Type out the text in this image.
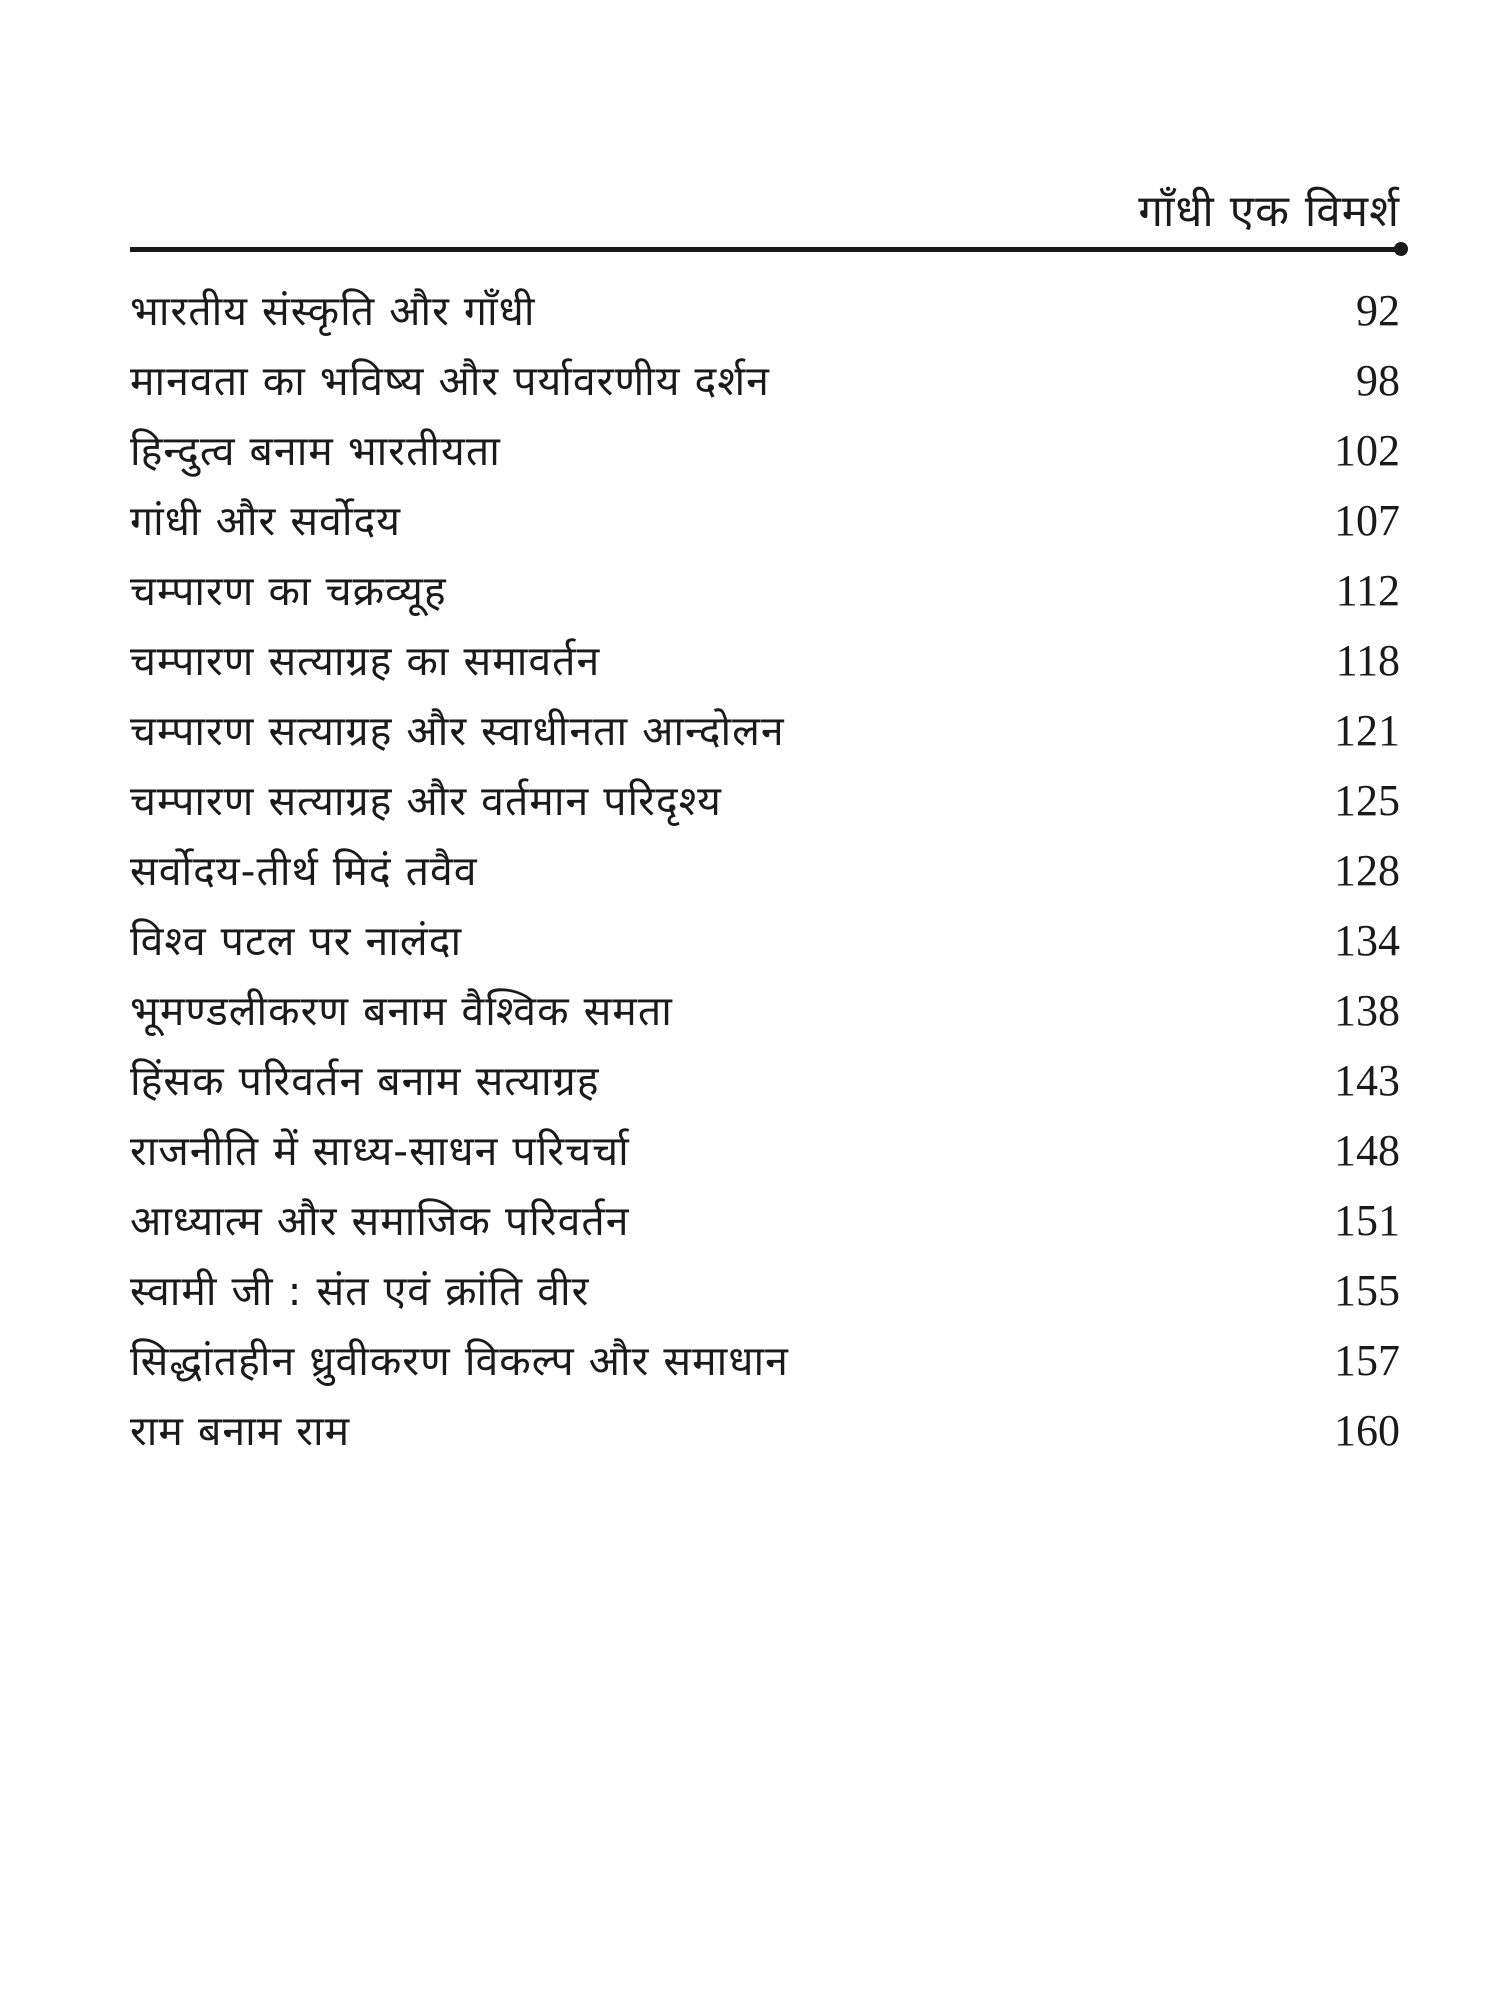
गाँधी एक विमर्श
भारतीय संस्कृति और गाँधी	92
मानवता का भविष्य और पर्यावरणीय दर्शन	98
हिन्दुत्व बनाम भारतीयता	102
गांधी और सर्वोदय	107
चम्पारण का चक्रव्यूह	112
चम्पारण सत्याग्रह का समावर्तन	118
चम्पारण सत्याग्रह और स्वाधीनता आन्दोलन	121
चम्पारण सत्याग्रह और वर्तमान परिदृश्य	125
सर्वोदय-तीर्थ मिदं तवैव	128
विश्व पटल पर नालंदा	134
भूमण्डलीकरण बनाम वैश्विक समता	138
हिंसक परिवर्तन बनाम सत्याग्रह	143
राजनीति में साध्य-साधन परिचर्चा	148
आध्यात्म और समाजिक परिवर्तन	151
स्वामी जी : संत एवं क्रांति वीर	155
सिद्धांतहीन ध्रुवीकरण विकल्प और समाधान	157
राम बनाम राम	160
